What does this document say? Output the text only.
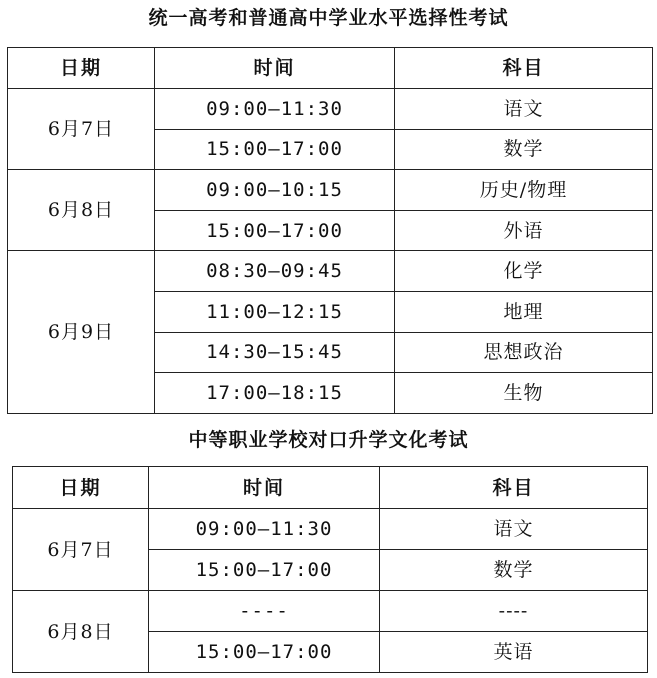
统一高考和普通高中学业水平选择性考试
日期	时间	科目
6月7日	09:00—11:30	语文
	15:00—17:00	数学
6月8日	09:00—10:15	历史/物理
	15:00—17:00	外语
6月9日	08:30—09:45	化学
	11:00—12:15	地理
	14:30—15:45	思想政治
	17:00—18:15	生物
中等职业学校对口升学文化考试
日期	时间	科目
6月7日	09:00—11:30	语文
	15:00—17:00	数学
6月8日	----	----
	15:00—17:00	英语
